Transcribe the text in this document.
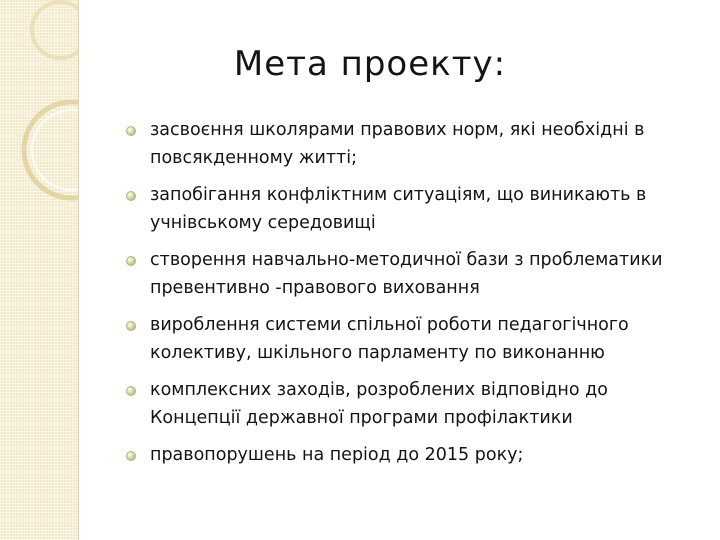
Мета проекту:
засвоєння школярами правових норм, які необхідні в повсякденному житті;
запобігання конфліктним ситуаціям, що виникають в учнівському середовищі
створення навчально-методичної бази з проблематики превентивно -правового виховання
вироблення системи спільної роботи педагогічного колективу, шкільного парламенту по виконанню
комплексних заходів, розроблених відповідно до Концепції державної програми профілактики
правопорушень на період до 2015 року;
